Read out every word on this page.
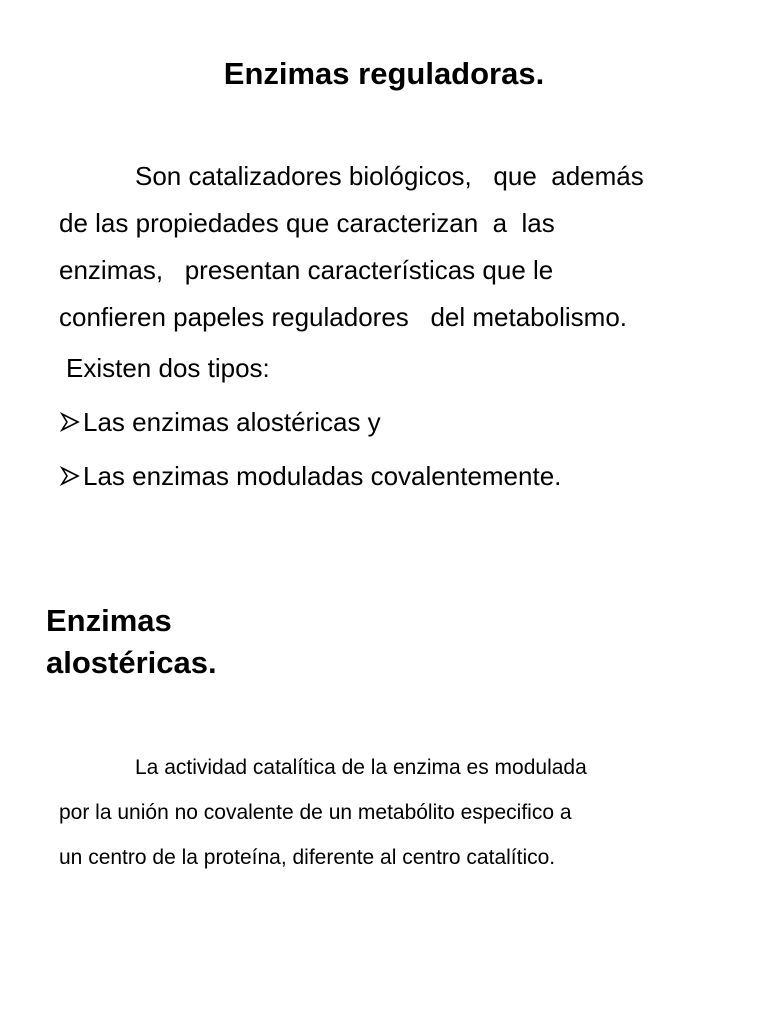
Enzimas reguladoras.

Son catalizadores biológicos,   que  además
de las propiedades que caracterizan  a  las
enzimas,   presentan características que le
confieren papeles reguladores   del metabolismo.

Existen dos tipos:

Las enzimas alostéricas y
Las enzimas moduladas covalentemente.
Enzimas
alostéricas.

La actividad catalítica de la enzima es modulada
por la unión no covalente de un metabólito especifico a
un centro de la proteína, diferente al centro catalítico.
